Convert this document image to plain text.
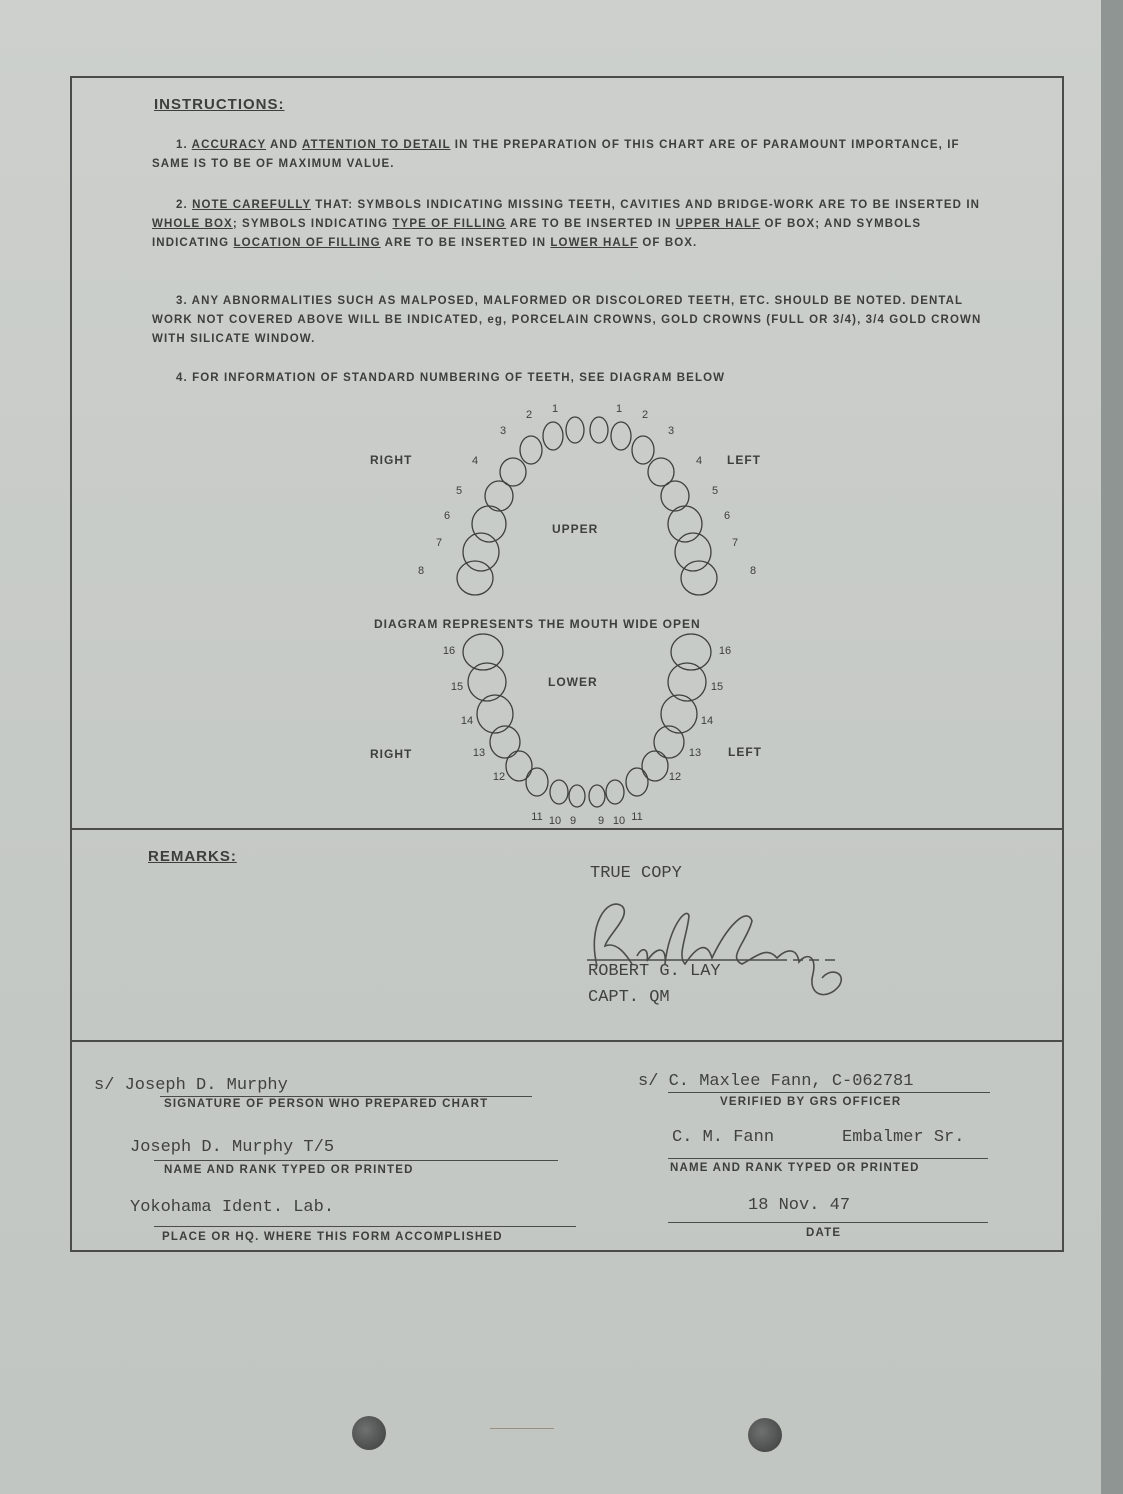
INSTRUCTIONS:
1. ACCURACY AND ATTENTION TO DETAIL IN THE PREPARATION OF THIS CHART ARE OF PARAMOUNT IMPORTANCE, IF SAME IS TO BE OF MAXIMUM VALUE.
2. NOTE CAREFULLY THAT: SYMBOLS INDICATING MISSING TEETH, CAVITIES AND BRIDGE-WORK ARE TO BE INSERTED IN WHOLE BOX; SYMBOLS INDICATING TYPE OF FILLING ARE TO BE INSERTED IN UPPER HALF OF BOX; AND SYMBOLS INDICATING LOCATION OF FILLING ARE TO BE INSERTED IN LOWER HALF OF BOX.
3. ANY ABNORMALITIES SUCH AS MALPOSED, MALFORMED OR DISCOLORED TEETH, ETC. SHOULD BE NOTED. DENTAL WORK NOT COVERED ABOVE WILL BE INDICATED, eg, PORCELAIN CROWNS, GOLD CROWNS (FULL OR 3/4), 3/4 GOLD CROWN WITH SILICATE WINDOW.
4. FOR INFORMATION OF STANDARD NUMBERING OF TEETH, SEE DIAGRAM BELOW
1	1
2	2
3	3
4	4
5	5
6	6
7	7
8	8
9 9
10	10
11	11
12	12
13	13
14	14
15	15
16	16
RIGHT	LEFT
UPPER
DIAGRAM REPRESENTS THE MOUTH WIDE OPEN
LOWER
RIGHT	LEFT
REMARKS:
TRUE COPY
ROBERT G. LAY
CAPT. QM
s/ Joseph D. Murphy
SIGNATURE OF PERSON WHO PREPARED CHART
Joseph D. Murphy T/5
NAME AND RANK TYPED OR PRINTED
Yokohama Ident. Lab.
PLACE OR HQ. WHERE THIS FORM ACCOMPLISHED
s/ C. Maxlee Fann, C-062781
VERIFIED BY GRS OFFICER
C. M. Fann	Embalmer Sr.
NAME AND RANK TYPED OR PRINTED
18 Nov. 47
DATE
